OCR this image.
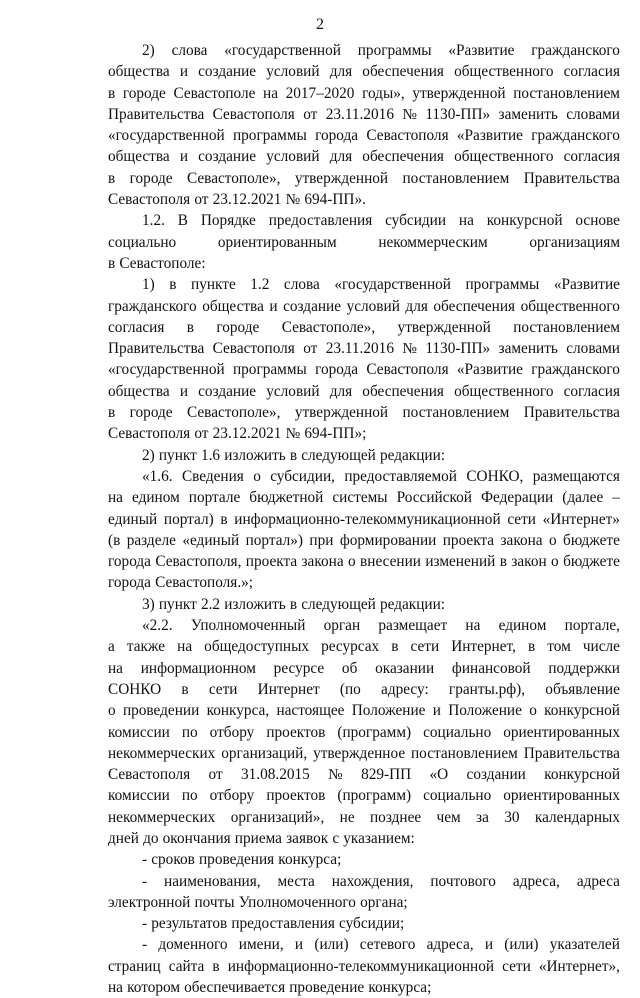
2
2) слова «государственной программы «Развитие гражданского
общества и создание условий для обеспечения общественного согласия
в городе Севастополе на 2017–2020 годы», утвержденной постановлением
Правительства Севастополя от 23.11.2016 № 1130-ПП» заменить словами
«государственной программы города Севастополя «Развитие гражданского
общества и создание условий для обеспечения общественного согласия
в городе Севастополе», утвержденной постановлением Правительства
Севастополя от 23.12.2021 № 694-ПП».
1.2. В Порядке предоставления субсидии на конкурсной основе
социально	ориентированным	некоммерческим	организациям
в Севастополе:
1) в пункте 1.2 слова «государственной программы «Развитие
гражданского общества и создание условий для обеспечения общественного
согласия в городе Севастополе», утвержденной постановлением
Правительства Севастополя от 23.11.2016 № 1130-ПП» заменить словами
«государственной программы города Севастополя «Развитие гражданского
общества и создание условий для обеспечения общественного согласия
в городе Севастополе», утвержденной постановлением Правительства
Севастополя от 23.12.2021 № 694-ПП»;
2) пункт 1.6 изложить в следующей редакции:
«1.6. Сведения о субсидии, предоставляемой СОНКО, размещаются
на едином портале бюджетной системы Российской Федерации (далее –
единый портал) в информационно-телекоммуникационной сети «Интернет»
(в разделе «единый портал») при формировании проекта закона о бюджете
города Севастополя, проекта закона о внесении изменений в закон о бюджете
города Севастополя.»;
3) пункт 2.2 изложить в следующей редакции:
«2.2. Уполномоченный орган размещает на едином портале,
а также на общедоступных ресурсах в сети Интернет, в том числе
на информационном ресурсе об оказании финансовой поддержки
СОНКО в сети Интернет (по адресу: гранты.рф), объявление
о проведении конкурса, настоящее Положение и Положение о конкурсной
комиссии по отбору проектов (программ) социально ориентированных
некоммерческих организаций, утвержденное постановлением Правительства
Севастополя от 31.08.2015 № 829-ПП «О создании конкурсной
комиссии по отбору проектов (программ) социально ориентированных
некоммерческих организаций», не позднее чем за 30 календарных
дней до окончания приема заявок с указанием:
- сроков проведения конкурса;
- наименования, места нахождения, почтового адреса, адреса
электронной почты Уполномоченного органа;
- результатов предоставления субсидии;
- доменного имени, и (или) сетевого адреса, и (или) указателей
страниц сайта в информационно-телекоммуникационной сети «Интернет»,
на котором обеспечивается проведение конкурса;
